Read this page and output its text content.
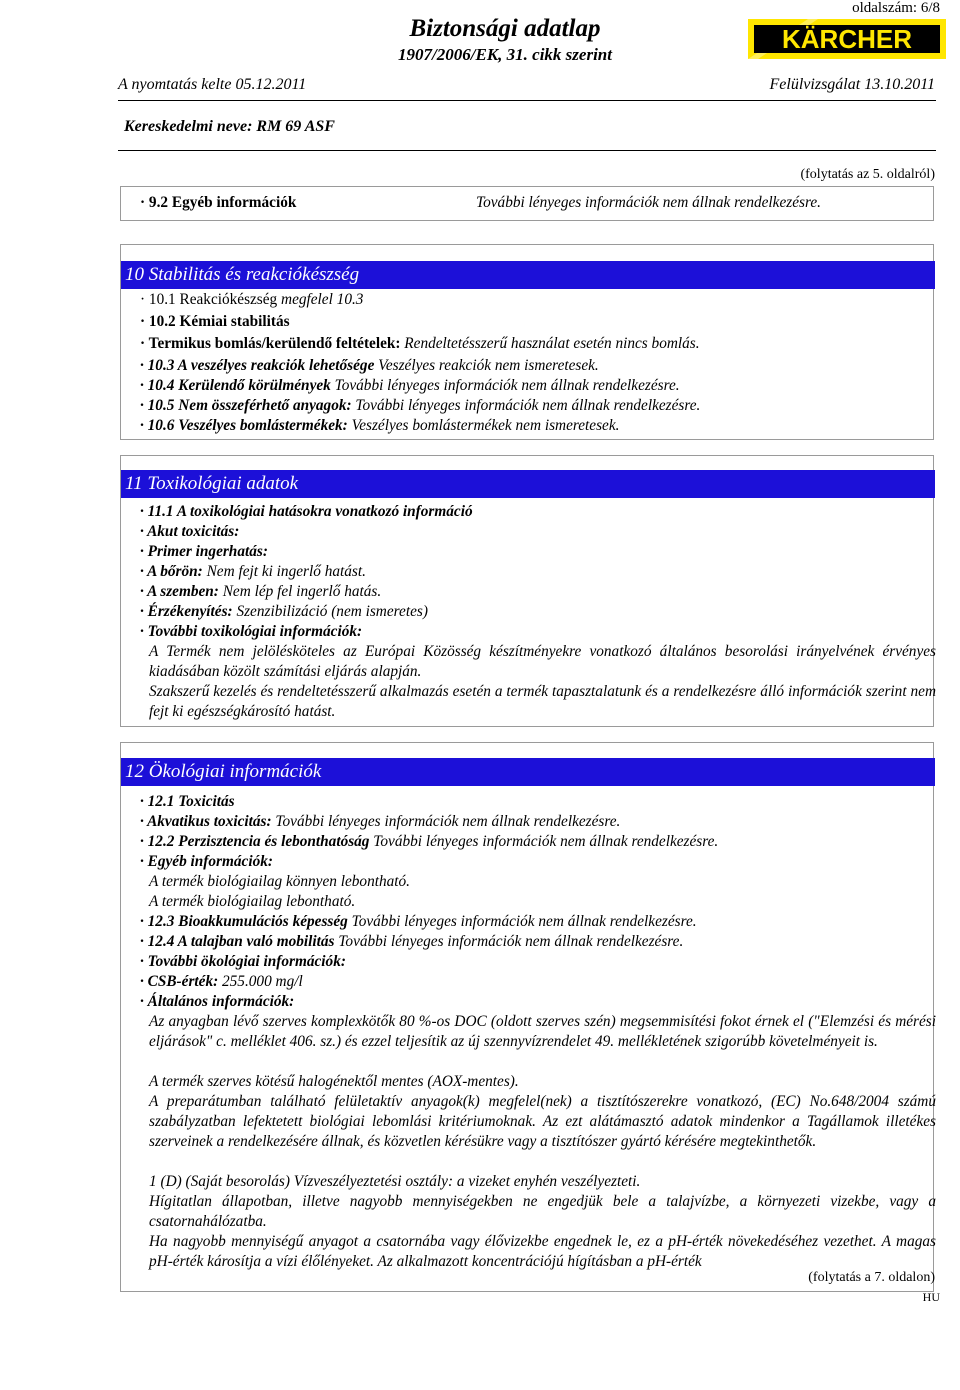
oldalszám: 6/8
Biztonsági adatlap
1907/2006/EK, 31. cikk szerint
A nyomtatás kelte 05.12.2011	Felülvizsgálat 13.10.2011
KÄRCHER
Kereskedelmi neve: RM 69 ASF
(folytatás az 5. oldalról)
· 9.2 Egyéb információk	További lényeges információk nem állnak rendelkezésre.
10 Stabilitás és reakciókészség
· 10.1 Reakciókészség megfelel 10.3
· 10.2 Kémiai stabilitás
· Termikus bomlás/kerülendő feltételek: Rendeltetésszerű használat esetén nincs bomlás.
· 10.3 A veszélyes reakciók lehetősége Veszélyes reakciók nem ismeretesek.
· 10.4 Kerülendő körülmények További lényeges információk nem állnak rendelkezésre.
· 10.5 Nem összeférhető anyagok: További lényeges információk nem állnak rendelkezésre.
· 10.6 Veszélyes bomlástermékek: Veszélyes bomlástermékek nem ismeretesek.
11 Toxikológiai adatok
· 11.1 A toxikológiai hatásokra vonatkozó információ
· Akut toxicitás:
· Primer ingerhatás:
· A bőrön: Nem fejt ki ingerlő hatást.
· A szemben: Nem lép fel ingerlő hatás.
· Érzékenyítés: Szenzibilizáció (nem ismeretes)
· További toxikológiai információk:
A Termék nem jelölésköteles az Európai Közösség készítményekre vonatkozó általános besorolási irányelvének érvényes kiadásában közölt számítási eljárás alapján.
Szakszerű kezelés és rendeltetésszerű alkalmazás esetén a termék tapasztalatunk és a rendelkezésre álló információk szerint nem fejt ki egészségkárosító hatást.
12 Ökológiai információk
· 12.1 Toxicitás
· Akvatikus toxicitás: További lényeges információk nem állnak rendelkezésre.
· 12.2 Perzisztencia és lebonthatóság További lényeges információk nem állnak rendelkezésre.
· Egyéb információk:
A termék biológiailag könnyen lebontható.
A termék biológiailag lebontható.
· 12.3 Bioakkumulációs képesség További lényeges információk nem állnak rendelkezésre.
· 12.4 A talajban való mobilitás További lényeges információk nem állnak rendelkezésre.
· További ökológiai információk:
· CSB-érték: 255.000 mg/l
· Általános információk:
Az anyagban lévő szerves komplexkötők 80 %-os DOC (oldott szerves szén) megsemmisítési fokot érnek el ("Elemzési és mérési eljárások" c. melléklet 406. sz.) és ezzel teljesítik az új szennyvízrendelet 49. mellékletének szigorúbb követelményeit is.
A termék szerves kötésű halogénektől mentes (AOX-mentes).
A preparátumban található felületaktív anyagok(k) megfelel(nek) a tisztítószerekre vonatkozó, (EC) No.648/2004 számú szabályzatban lefektetett biológiai lebomlási kritériumoknak. Az ezt alátámasztó adatok mindenkor a Tagállamok illetékes szerveinek a rendelkezésére állnak, és közvetlen kérésükre vagy a tisztítószer gyártó kérésére megtekinthetők.
1 (D) (Saját besorolás) Vízveszélyeztetési osztály: a vizeket enyhén veszélyezteti.
Hígitatlan állapotban, illetve nagyobb mennyiségekben ne engedjük bele a talajvízbe, a környezeti vizekbe, vagy a csatornahálózatba.
Ha nagyobb mennyiségű anyagot a csatornába vagy élővizekbe engednek le, ez a pH-érték növekedéséhez vezethet. A magas pH-érték károsítja a vízi élőlényeket. Az alkalmazott koncentrációjú hígításban a pH-érték
(folytatás a 7. oldalon)
HU
